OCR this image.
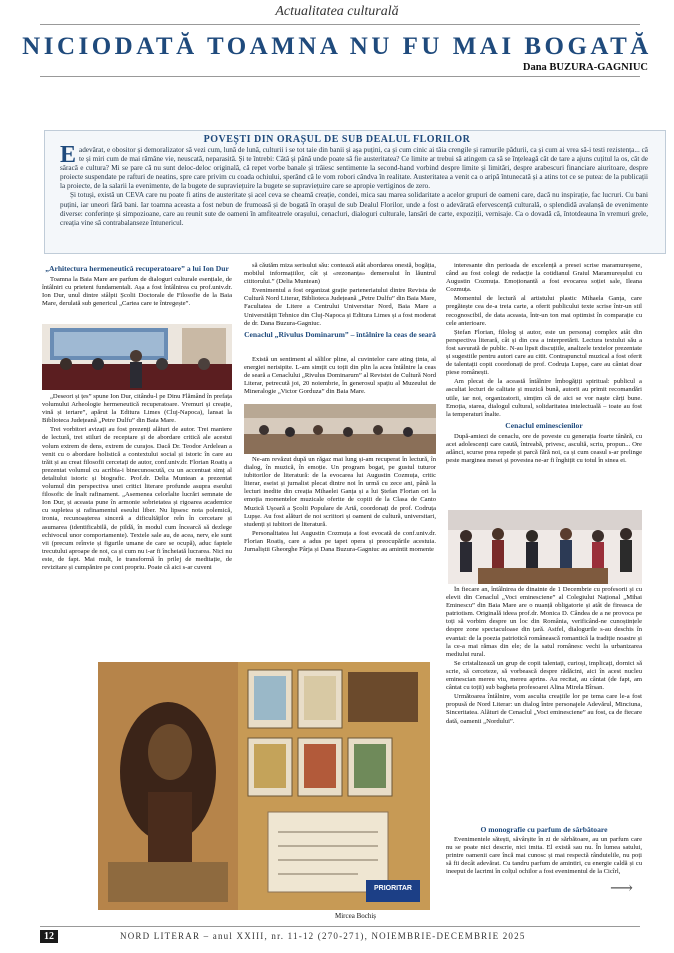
Actualitatea culturală
NICIODATĂ TOAMNA NU FU MAI BOGATĂ
Dana BUZURA-GAGNIUC
POVEȘTI DIN ORAȘUL DE SUB DEALUL FLORILOR

Eadevărat, e obositor și demoralizator să vezi cum, lună de lună, culturii i se tot taie din banii și așa puțini, ca și cum cinic ai tăia crengile și ramurile pădurii, ca și cum ai vrea să-i testi rezistența... că te și miri cum de mai rămâne vie, neuscată, neparasită. Și te întrebi: Câtă și până unde poate să fie austeritatea? Ce limite ar trebui să atingem ca să se înțeleagă cât de tare a ajuns cuțitul la os, cât de săracă e cultura? Mi se pare că nu sunt deloc-deloc originală, că repet vorbe banale și trăiesc sentimente la second-hand vorbind despre limite și limitări, despre arabescuri financiare aiuritoare, despre proiecte suspendate pe rafturi de neatins, spre care privim cu coada ochiului, sperând că le vom robori cândva în realitate. Austeritatea a venit ca o aripă întunecată și a atins tot ce se putea: de la publicații la proiecte, de la salarii la evenimente, de la bugete de supraviețuire la bugete se supraviețuire care se apropie vertiginos de zero.

Și totuși, există un CEVA care nu poate fi atins de austeritate și acel ceva se cheamă creație, condei, mica sau marea solidaritate a acelor grupuri de oameni care, dacă nu inspirație, fac lucruri. Cu bani puțini, iar uneori fără bani. Iar toamna aceasta a fost nebun de frumoasă și de bogată în orașul de sub Dealul Florilor, unde a fost o adevărată efervescență culturală, o splendidă avalanșă de evenimente diverse: conferințe și simpozioane, care au reunit sute de oameni în amfiteatrele orașului, cenacluri, dialoguri culturale, lansări de carte, expoziții, vernisaje. Ca o dovadă că, întotdeauna în vremuri grele, creația vine să contrabalanseze întunericul.

„Arhitectura hermeneutică recuperatoare” a lui Ion Dur

Toamna la Baia Mare are parfum de dialoguri culturale esențiale, de întâlniri cu prieteni fundamentali. Așa a fost întâlnirea cu prof.univ.dr. Ion Dur, unul dintre stâlpii Școlii Doctorale de Filosofie de la Baia Mare, derulată sub genericul „Cartea care te întregește”.

„Deseori și țes” spune Ion Dur, citându-l pe Dinu Flămând în prefața volumului Arheologie hermeneutică recuperatoare. Vremuri și creație, vină și iertare”, apărut la Editura Limes (Cluj-Napoca), lansat la Biblioteca Județeană „Petre Dulfu” din Baia Mare.

Trei vorbitori avizați au fost prezenți alături de autor. Trei maniere de lectură, trei stiluri de receptare și de abordare critică ale acestui volum extrem de dens, extrem de curajos. Dacă Dr. Teodor Ardelean a venit cu o abordare holistică a contextului social și istoric în care au trăit și au creat filosofii cercetați de autor, conf.univ.dr. Florian Roatiș a prezentat volumul cu acribia-i binecunoscută, cu un accentuat simț al detaliului istoric și biografic. Prof.dr. Delia Muntean a prezentat volumul din perspectiva unei critici literare profunde asupra eseului filosofic de înalt rafinament. „Asemenea celorlalte lucrări semnate de Ion Dur, și aceasta pune în armonie sobrietatea și rigoarea academice cu supletea și rafinamentul eseului liber. Nu lipsesc nota polemică, ironia, recunoașterea sinceră a dificultăților reîn în cercetare și asumarea (identificabilă, de pildă, în modul cum încearcă să dezlege echivocul unor comportamente). Textele sale au, de acea, nerv, ele sunt vii (precum reînvie și figurile umane de care se ocupă), aduc faptele trecutului aproape de noi, ca și cum nu i-ar fi încheiată lucrarea. Nici nu este, de fapt. Mai mult, le transformă în prilej de meditație, de revizitare și cumpănire pe cont propriu. Poate că aici s-ar cuveni

să căutăm miza serisului său: contează atât abordarea onestă, bogăția, mobilul informațiilor, cât și «rezonanța» demersului în lăuntrul cititorului.” (Delia Muntean)

Evenimentul a fost organizat grație parteneriatului dintre Revista de Cultură Nord Literar, Biblioteca Județeană „Petre Dulfu” din Baia Mare, Facultatea de Litere a Centrului Universitar Nord, Baia Mare a Universității Tehnice din Cluj-Napoca și Editura Limes și a fost moderat de dr. Dana Buzura-Gagniuc.

Cenaclul „Rivulus Dominarum” – întâlnire la ceas de seară

Există un sentiment al sălilor pline, al cuvintelor care ating ținta, al energiei nerisipite. L-am simțit cu toții din plin la acea întâlnire la ceas de seară a Cenaclului „Rivulus Dominarum” al Revistei de Cultură Nord Literar, petrecută joi, 20 noiembrie, în generosul spațiu al Muzeului de Mineralogie „Victor Gorduza” din Baia Mare.

Ne-am revăzut după un răgaz mai lung și-am recuperat în lectură, în dialog, în muzică, în emoție. Un program bogat, pe gustul tuturor iubitorilor de literatură: de la evocarea lui Augustin Cozmuța, critic literar, eseist și jurnalist plecat dintre noi în urmă cu zece ani, până la lecturi inedite din creația Mihaelei Ganța și a lui Ștefan Florian ori la emoția momentelor muzicale oferite de copiii de la Clasa de Canto Muzică Ușoară a Școlii Populare de Artă, coordonați de prof. Codruța Lupșe. Au fost alături de noi scriitori și oameni de cultură, universitari, studenți și iubitori de literatură.

Personalitatea lui Augustin Cozmuța a fost evocată de conf.univ.dr. Florian Roatiș, care a adus pe tapet opera și preocupările acestuia. Jurnaliștii Gheorghe Pârja și Dana Buzura-Gagniuc au amintit momente

interesante din perioada de excelență a presei scrise maramureșene, când au fost colegi de redacție la cotidianul Graiul Maramureșului cu Augustin Cozmuța. Emoționantă a fost evocarea soției sale, Ileana Cozmuța.

Momentul de lectură al artistului plastic Mihaela Ganța, care pregătește cea de-a treia carte, a oferit publicului texte scrise într-un stil recognoscibil, de data aceasta, într-un ton mai optimist în comparație cu cele anterioare.

Ștefan Florian, filolog și autor, este un personaj complex atât din perspectiva literară, cât și din cea a interpretării. Lectura textului său a fost savurată de public. N-au lipsit discuțiile, analizele textelor prezentate și sugestiile pentru autori care au citit. Contrapunctul muzical a fost oferit de talentații copii coordonați de prof. Codruța Lupșe, care au cântat doar piese românești.

Am plecat de la această întâlnire îmbogățiți spiritual: publicul a ascultat lecturi de calitate și muzică bună, autorii au primit recomandări utile, iar noi, organizatorii, simțim că de aici se vor naște cărți bune. Emoția, starea, dialogul cultural, solidaritatea intelectuală – toate au fost la temperaturi înalte.

Cenaclul eminescienilor

După-amiezi de cenaclu, ore de poveste cu generația foarte tânără, cu acei adolescenți care caută, întreabă, privesc, ascultă, scriu, propun... Ore adânci, scurse prea repede și parcă fără noi, ca și cum ceasul s-ar prelinge peste marginea mesei și povestea ne-ar fi înghițit cu totul în sinea ei.

În fiecare an, întâlnirea de dinainte de 1 Decembrie cu profesorii și cu elevii din Cenaclul „Voci eminesciene” al Colegiului Național „Mihai Eminescu” din Baia Mare are o nuanță obligatorie și atât de fireasca de patriotism. Originală ideea prof.dr. Monica D. Cândea de a ne provoca pe toți să vorbim despre un loc din România, verificând-ne cunoștințele despre zone spectaculoase din țară. Astfel, dialogurile s-au deschis în evantai: de la poezia patriotică românească romantică la tradiție noastre și la ce-a mai rămas din ele; de la satul românesc vechi la urbanizarea mediului rural.

Se cristalizează un grup de copii talentați, curioși, implicați, dornici să scrie, să cerceteze, să vorbească despre rădăcini, aici în acest nucleu eminescian mereu viu, mereu aprins. Au recitat, au cântat (de fapt, am cântat cu toții) sub bagheta profesoarei Alina Mirela Bîrsan.

Următoarea întâlnire, vom asculta creațiile lor pe tema care le-a fost propusă de Nord Literar: un dialog între personajele Adevărul, Minciuna, Sinceritatea. Alături de Cenaclul „Voci eminesciene” au fost, ca de fiecare dată, oamenii „Nordului”.

O monografie cu parfum de sărbătoare

Evenimentele sătești, săvârșite în zi de sărbătoare, au un parfum care nu se poate nici descrie, nici imita. El există sau nu. În lumea satului, printre oamenii care încă mai cunosc și mai respectă rânduielile, nu poți să fii decât adevărat. Cu tandru parfum de amintiri, cu energie caldă și cu ineeput de lacrimi în colțul ochilor a fost evenimentul de la Cicîrl,

PRIORITAR
Mircea Bochiș
⟶
12	NORD LITERAR – anul XXIII, nr. 11-12 (270-271), NOIEMBRIE-DECEMBRIE 2025
